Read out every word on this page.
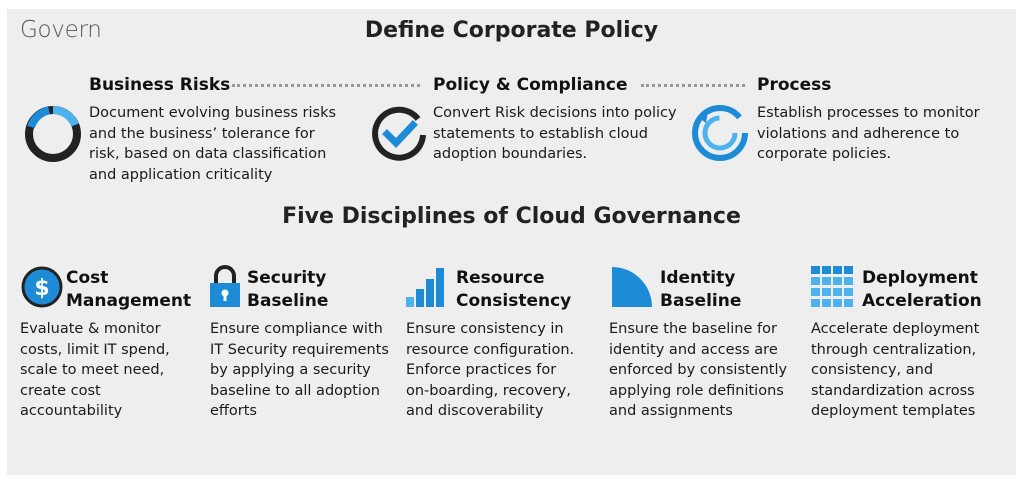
Govern	Define Corporate Policy
Business Risks
Document evolving business risks
and the business’ tolerance for
risk, based on data classification
and application criticality
Policy & Compliance
Convert Risk decisions into policy
statements to establish cloud
adoption boundaries.
Process
Establish processes to monitor
violations and adherence to
corporate policies.
Five Disciplines of Cloud Governance
$ Cost
Management
Evaluate & monitor
costs, limit IT spend,
scale to meet need,
create cost
accountability
Security
Baseline
Ensure compliance with
IT Security requirements
by applying a security
baseline to all adoption
efforts
Resource
Consistency
Ensure consistency in
resource configuration.
Enforce practices for
on-boarding, recovery,
and discoverability
Identity
Baseline
Ensure the baseline for
identity and access are
enforced by consistently
applying role definitions
and assignments
Deployment
Acceleration
Accelerate deployment
through centralization,
consistency, and
standardization across
deployment templates
